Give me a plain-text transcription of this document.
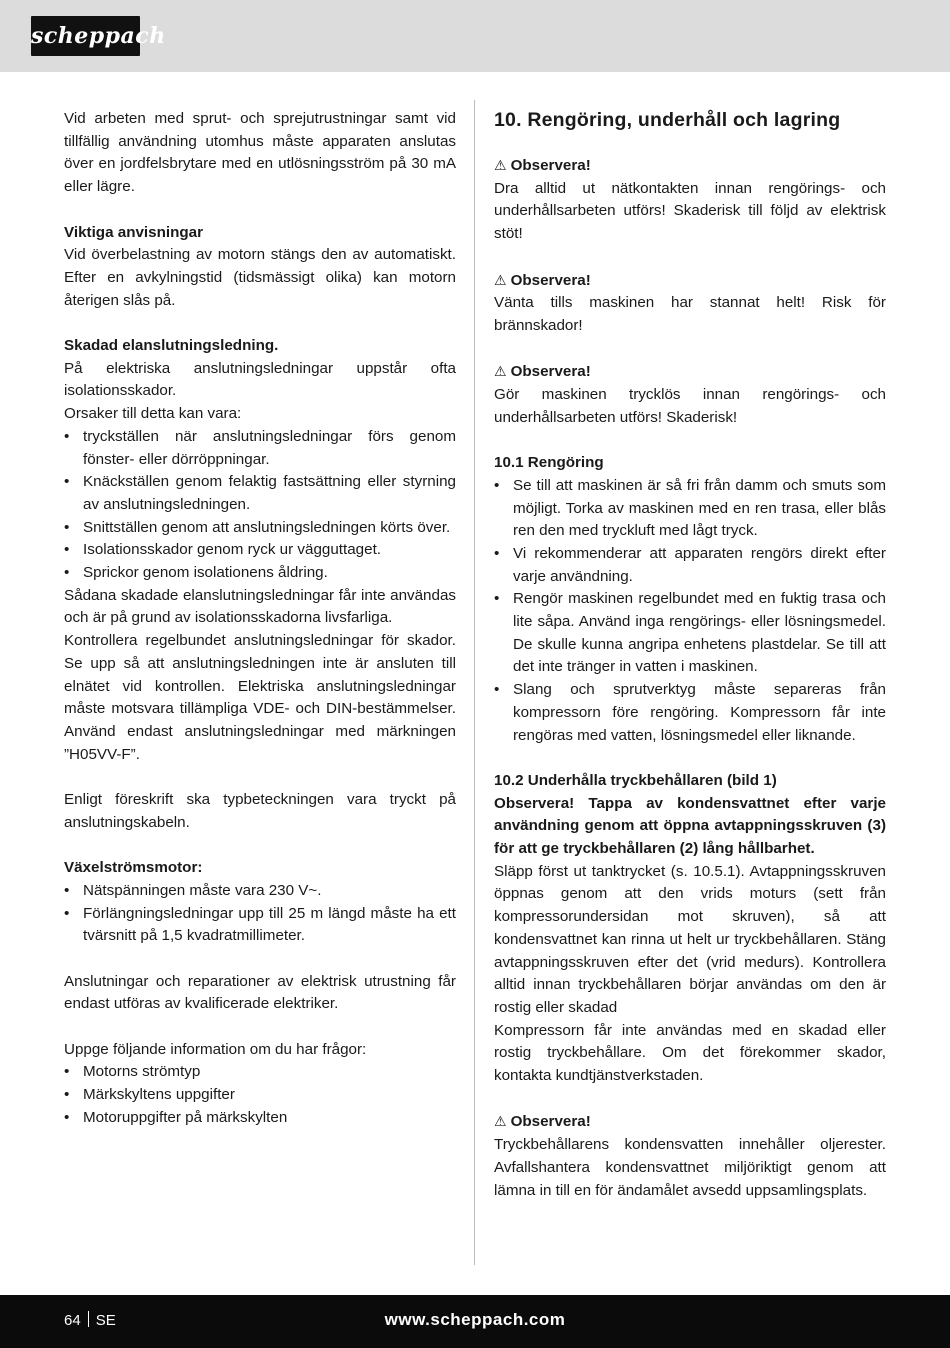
scheppach

Vid arbeten med sprut- och sprejutrustningar samt vid tillfällig användning utomhus måste apparaten anslutas över en jordfelsbrytare med en utlösningsström på 30 mA eller lägre.

Viktiga anvisningar

Vid överbelastning av motorn stängs den av automatiskt. Efter en avkylningstid (tidsmässigt olika) kan motorn återigen slås på.

Skadad elanslutningsledning.

På elektriska anslutningsledningar uppstår ofta isolationsskador.

Orsaker till detta kan vara:

• tryckställen när anslutningsledningar förs genom fönster- eller dörröppningar.
• Knäckställen genom felaktig fastsättning eller styrning av anslutningsledningen.
• Snittställen genom att anslutningsledningen körts över.
• Isolationsskador genom ryck ur vägguttaget.
• Sprickor genom isolationens åldring.

Sådana skadade elanslutningsledningar får inte användas och är på grund av isolationsskadorna livsfarliga.

Kontrollera regelbundet anslutningsledningar för skador. Se upp så att anslutningsledningen inte är ansluten till elnätet vid kontrollen. Elektriska anslutningsledningar måste motsvara tillämpliga VDE- och DIN-bestämmelser. Använd endast anslutningsledningar med märkningen ”H05VV-F”.

Enligt föreskrift ska typbeteckningen vara tryckt på anslutningskabeln.

Växelströmsmotor:

• Nätspänningen måste vara 230 V~.
• Förlängningsledningar upp till 25 m längd måste ha ett tvärsnitt på 1,5 kvadratmillimeter.

Anslutningar och reparationer av elektrisk utrustning får endast utföras av kvalificerade elektriker.

Uppge följande information om du har frågor:

• Motorns strömtyp
• Märkskyltens uppgifter
• Motoruppgifter på märkskylten
10. Rengöring, underhåll och lagring

⚠ Observera!

Dra alltid ut nätkontakten innan rengörings- och underhållsarbeten utförs! Skaderisk till följd av elektrisk stöt!

⚠ Observera!

Vänta tills maskinen har stannat helt! Risk för brännskador!

⚠ Observera!

Gör maskinen trycklös innan rengörings- och underhållsarbeten utförs! Skaderisk!

10.1 Rengöring

• Se till att maskinen är så fri från damm och smuts som möjligt. Torka av maskinen med en ren trasa, eller blås ren den med tryckluft med lågt tryck.
• Vi rekommenderar att apparaten rengörs direkt efter varje användning.
• Rengör maskinen regelbundet med en fuktig trasa och lite såpa. Använd inga rengörings- eller lösningsmedel. De skulle kunna angripa enhetens plastdelar. Se till att det inte tränger in vatten i maskinen.
• Slang och sprutverktyg måste separeras från kompressorn före rengöring. Kompressorn får inte rengöras med vatten, lösningsmedel eller liknande.

10.2 Underhålla tryckbehållaren (bild 1)

Observera! Tappa av kondensvattnet efter varje användning genom att öppna avtappningsskruven (3) för att ge tryckbehållaren (2) lång hållbarhet.

Släpp först ut tanktrycket (s. 10.5.1). Avtappningsskruven öppnas genom att den vrids moturs (sett från kompressorundersidan mot skruven), så att kondensvattnet kan rinna ut helt ur tryckbehållaren. Stäng avtappningsskruven efter det (vrid medurs). Kontrollera alltid innan tryckbehållaren börjar användas om den är rostig eller skadad

Kompressorn får inte användas med en skadad eller rostig tryckbehållare. Om det förekommer skador, kontakta kundtjänstverkstaden.

⚠ Observera!

Tryckbehållarens kondensvatten innehåller oljerester. Avfallshantera kondensvattnet miljöriktigt genom att lämna in till en för ändamålet avsedd uppsamlingsplats.

64 SE	www.scheppach.com
